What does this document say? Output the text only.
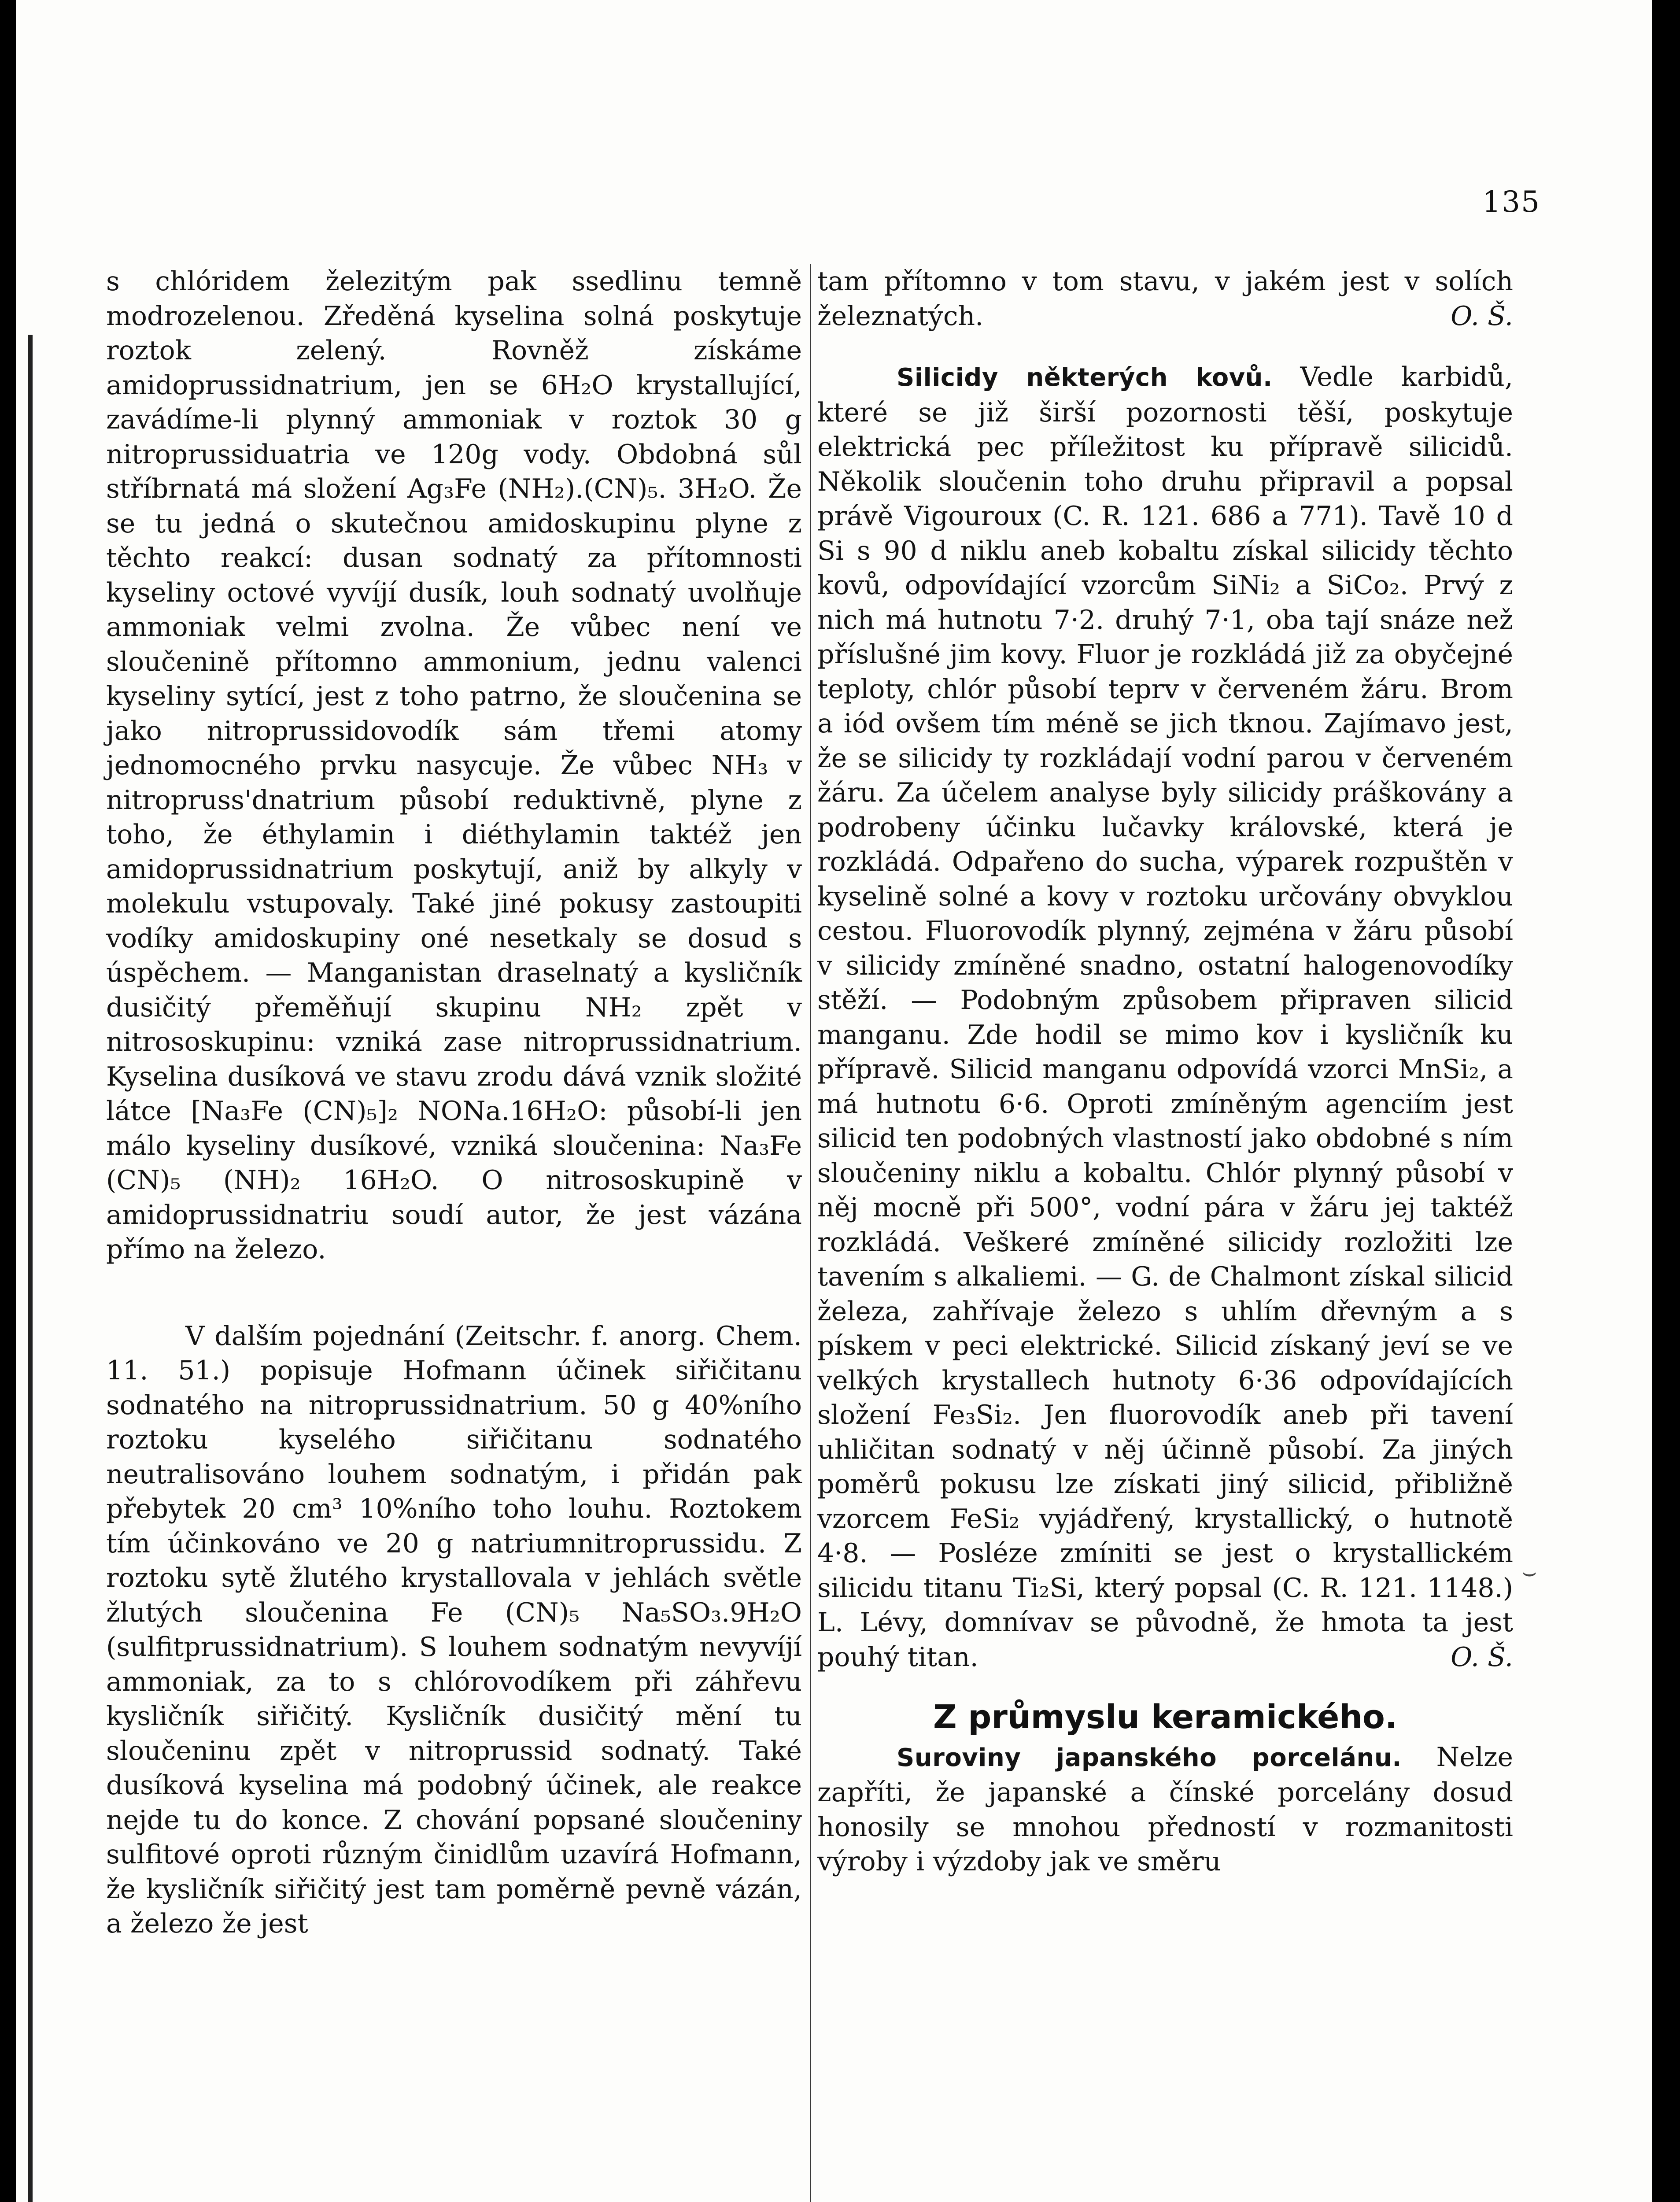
135

s chlóridem železitým pak ssedlinu temně modrozelenou. Zředěná kyselina solná poskytuje roztok zelený. Rovněž získáme amidoprussidnatrium, jen se 6H₂O krystallující, zavádíme-li plynný ammoniak v roztok 30 g nitroprussiduatria ve 120g vody. Obdobná sůl stříbrnatá má složení Ag₃Fe (NH₂).(CN)₅. 3H₂O. Že se tu jedná o skutečnou amidoskupinu plyne z těchto reakcí: dusan sodnatý za přítomnosti kyseliny octové vyvíjí dusík, louh sodnatý uvolňuje ammoniak velmi zvolna. Že vůbec není ve sloučenině přítomno ammonium, jednu valenci kyseliny sytící, jest z toho patrno, že sloučenina se jako nitroprussidovodík sám třemi atomy jednomocného prvku nasycuje. Že vůbec NH₃ v nitropruss'dnatrium působí reduktivně, plyne z toho, že éthylamin i diéthylamin taktéž jen amidoprussidnatrium poskytují, aniž by alkyly v molekulu vstupovaly. Také jiné pokusy zastoupiti vodíky amidoskupiny oné nesetkaly se dosud s úspěchem. — Manganistan draselnatý a kysličník dusičitý přeměňují skupinu NH₂ zpět v nitrososkupinu: vzniká zase nitroprussidnatrium. Kyselina dusíková ve stavu zrodu dává vznik složité látce [Na₃Fe (CN)₅]₂ NONa.16H₂O: působí-li jen málo kyseliny dusíkové, vzniká sloučenina: Na₃Fe (CN)₅ (NH)₂ 16H₂O. O nitrososkupině v amidoprussidnatriu soudí autor, že jest vázána přímo na železo.

V dalším pojednání (Zeitschr. f. anorg. Chem. 11. 51.) popisuje Hofmann účinek siřičitanu sodnatého na nitroprussidnatrium. 50 g 40%ního roztoku kyselého siřičitanu sodnatého neutralisováno louhem sodnatým, i přidán pak přebytek 20 cm³ 10%ního toho louhu. Roztokem tím účinkováno ve 20 g natriumnitroprussidu. Z roztoku sytě žlutého krystallovala v jehlách světle žlutých sloučenina Fe (CN)₅ Na₅SO₃.9H₂O (sulfitprussidnatrium). S louhem sodnatým nevyvíjí ammoniak, za to s chlórovodíkem při záhřevu kysličník siřičitý. Kysličník dusičitý mění tu sloučeninu zpět v nitroprussid sodnatý. Také dusíková kyselina má podobný účinek, ale reakce nejde tu do konce. Z chování popsané sloučeniny sulfitové oproti různým činidlům uzavírá Hofmann, že kysličník siřičitý jest tam poměrně pevně vázán, a železo že jest

tam přítomno v tom stavu, v jakém jest v solích železnatých.	O. Š.

Silicidy některých kovů. Vedle karbidů, které se již širší pozornosti těší, poskytuje elektrická pec příležitost ku přípravě silicidů. Několik sloučenin toho druhu připravil a popsal právě Vigouroux (C. R. 121. 686 a 771). Tavě 10 d Si s 90 d niklu aneb kobaltu získal silicidy těchto kovů, odpovídající vzorcům SiNi₂ a SiCo₂. Prvý z nich má hutnotu 7·2. druhý 7·1, oba tají snáze než příslušné jim kovy. Fluor je rozkládá již za obyčejné teploty, chlór působí teprv v červeném žáru. Brom a iód ovšem tím méně se jich tknou. Zajímavo jest, že se silicidy ty rozkládají vodní parou v červeném žáru. Za účelem analyse byly silicidy práškovány a podrobeny účinku lučavky královské, která je rozkládá. Odpařeno do sucha, výparek rozpuštěn v kyselině solné a kovy v roztoku určovány obvyklou cestou. Fluorovodík plynný, zejména v žáru působí v silicidy zmíněné snadno, ostatní halogenovodíky stěží. — Podobným způsobem připraven silicid manganu. Zde hodil se mimo kov i kysličník ku přípravě. Silicid manganu odpovídá vzorci MnSi₂, a má hutnotu 6·6. Oproti zmíněným agenciím jest silicid ten podobných vlastností jako obdobné s ním sloučeniny niklu a kobaltu. Chlór plynný působí v něj mocně při 500°, vodní pára v žáru jej taktéž rozkládá. Veškeré zmíněné silicidy rozložiti lze tavením s alkaliemi. — G. de Chalmont získal silicid železa, zahřívaje železo s uhlím dřevným a s pískem v peci elektrické. Silicid získaný jeví se ve velkých krystallech hutnoty 6·36 odpovídajících složení Fe₃Si₂. Jen fluorovodík aneb při tavení uhličitan sodnatý v něj účinně působí. Za jiných poměrů pokusu lze získati jiný silicid, přibližně vzorcem FeSi₂ vyjádřený, krystallický, o hutnotě 4·8. — Posléze zmíniti se jest o krystallickém silicidu titanu Ti₂Si, který popsal (C. R. 121. 1148.) L. Lévy, domnívav se původně, že hmota ta jest pouhý titan.	O. Š.

Z průmyslu keramického.

Suroviny japanského porcelánu. Nelze zapříti, že japanské a čínské porcelány dosud honosily se mnohou předností v rozmanitosti výroby i výzdoby jak ve směru

⌣
